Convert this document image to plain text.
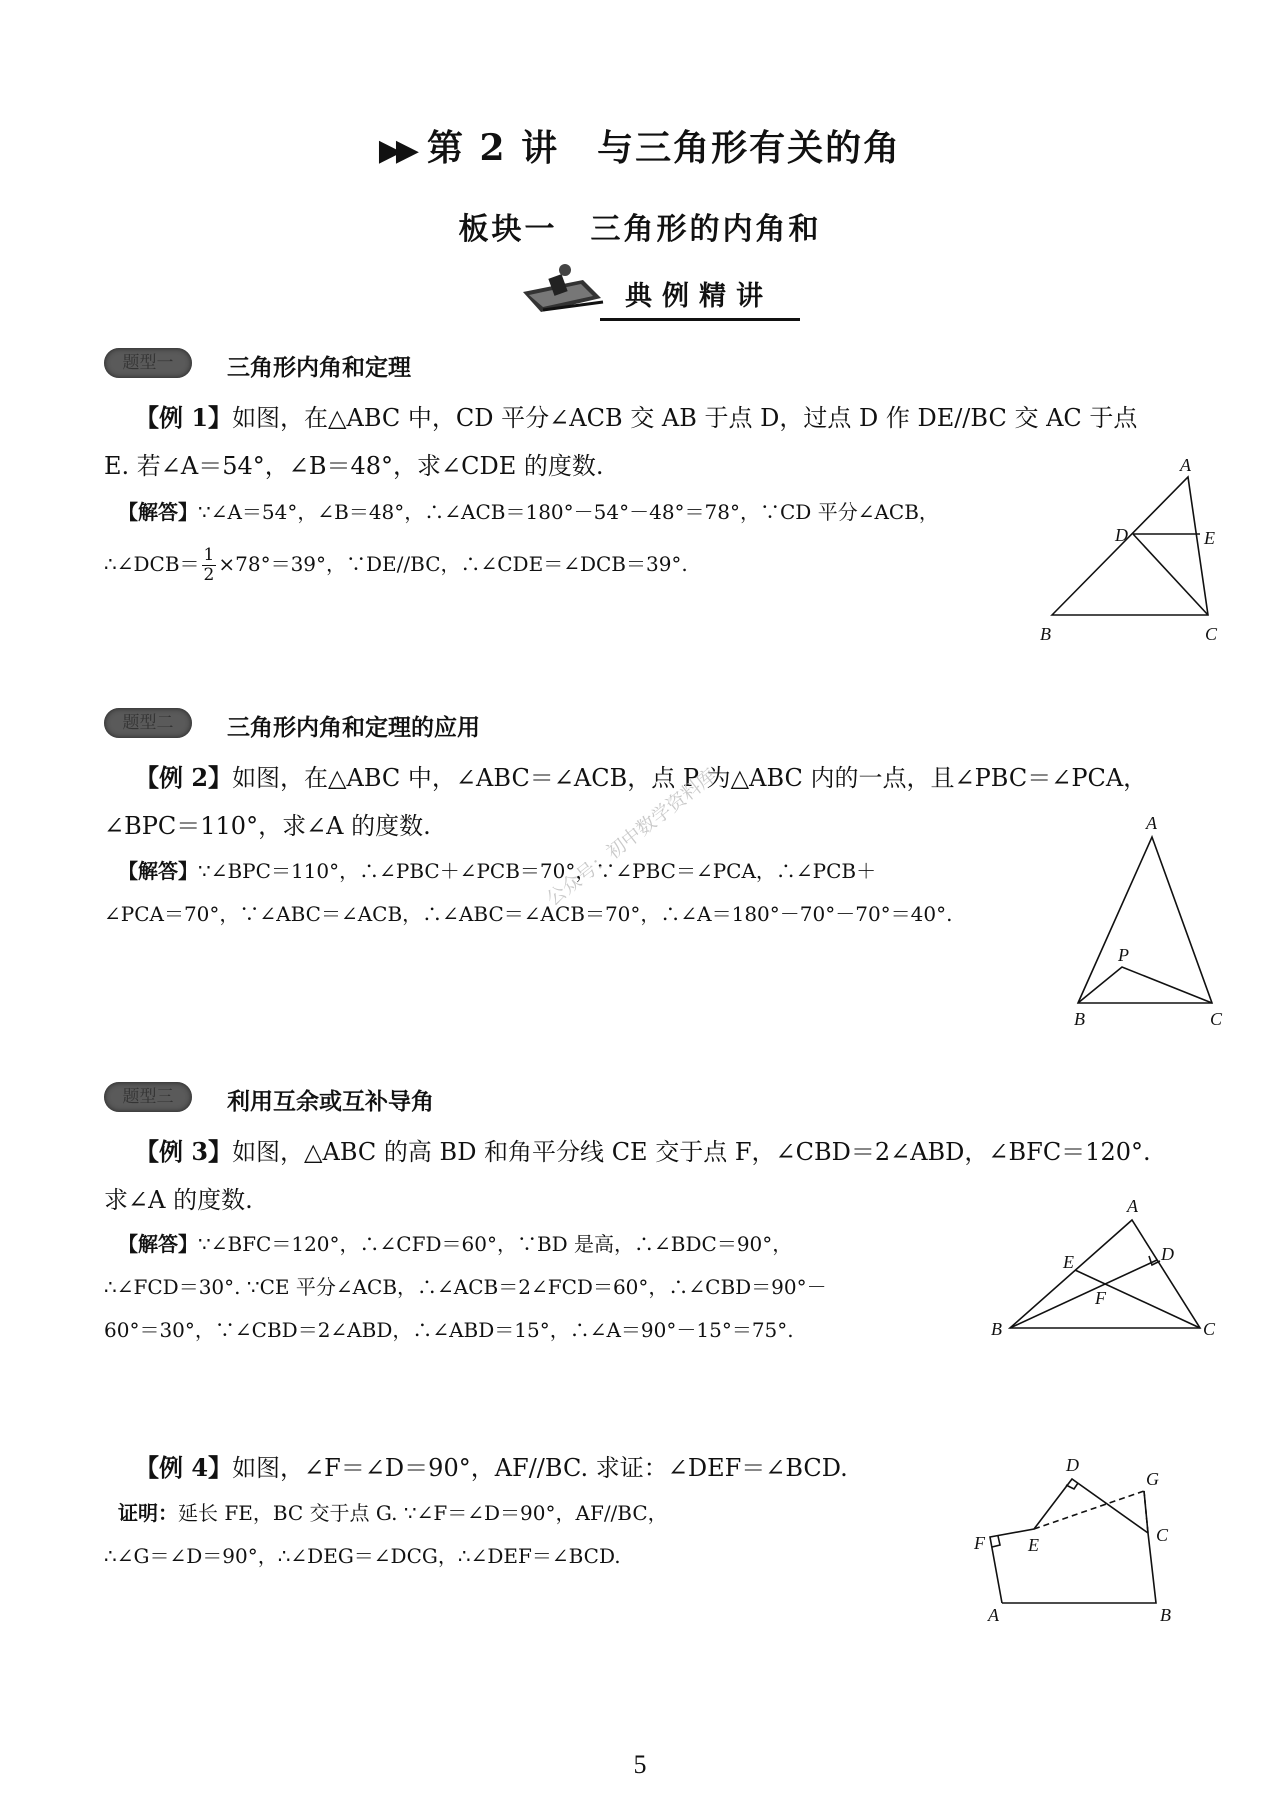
▶▶ 第 2 讲　与三角形有关的角
板块一　三角形的内角和
典例精讲
题型一	三角形内角和定理
【例 1】如图，在△ABC 中，CD 平分∠ACB 交 AB 于点 D，过点 D 作 DE//BC 交 AC 于点
E. 若∠A＝54°，∠B＝48°，求∠CDE 的度数.
【解答】∵∠A＝54°，∠B＝48°，∴∠ACB＝180°－54°－48°＝78°，∵CD 平分∠ACB，
∴∠DCB＝ $\frac{1}{2} \times 78^\circ=39^\circ$，∵DE//BC，∴∠CDE＝∠DCB＝39°.
A
D	E
B	C
题型二	三角形内角和定理的应用
【例 2】如图，在△ABC 中，∠ABC＝∠ACB，点 P 为△ABC 内的一点，且∠PBC＝∠PCA，
∠BPC＝110°，求∠A 的度数.
【解答】∵∠BPC＝110°，∴∠PBC＋∠PCB＝70°，∵∠PBC＝∠PCA，∴∠PCB＋
∠PCA＝70°，∵∠ABC＝∠ACB，∴∠ABC＝∠ACB＝70°，∴∠A＝180°－70°－70°＝40°.
A
P
B	C
公众号：初中数学资料库
题型三	利用互余或互补导角
【例 3】如图，△ABC 的高 BD 和角平分线 CE 交于点 F，∠CBD＝2∠ABD，∠BFC＝120°.
求∠A 的度数.
【解答】∵∠BFC＝120°，∴∠CFD＝60°，∵BD 是高，∴∠BDC＝90°，
∴∠FCD＝30°. ∵CE 平分∠ACB，∴∠ACB＝2∠FCD＝60°，∴∠CBD＝90°－
60°＝30°，∵∠CBD＝2∠ABD，∴∠ABD＝15°，∴∠A＝90°－15°＝75°.
A
E	D
F
B	C
【例 4】如图，∠F＝∠D＝90°，AF//BC. 求证：∠DEF＝∠BCD.
证明：延长 FE，BC 交于点 G. ∵∠F＝∠D＝90°，AF//BC，
∴∠G＝∠D＝90°，∴∠DEG＝∠DCG，∴∠DEF＝∠BCD.
D
G
F E	C
A	B
5
